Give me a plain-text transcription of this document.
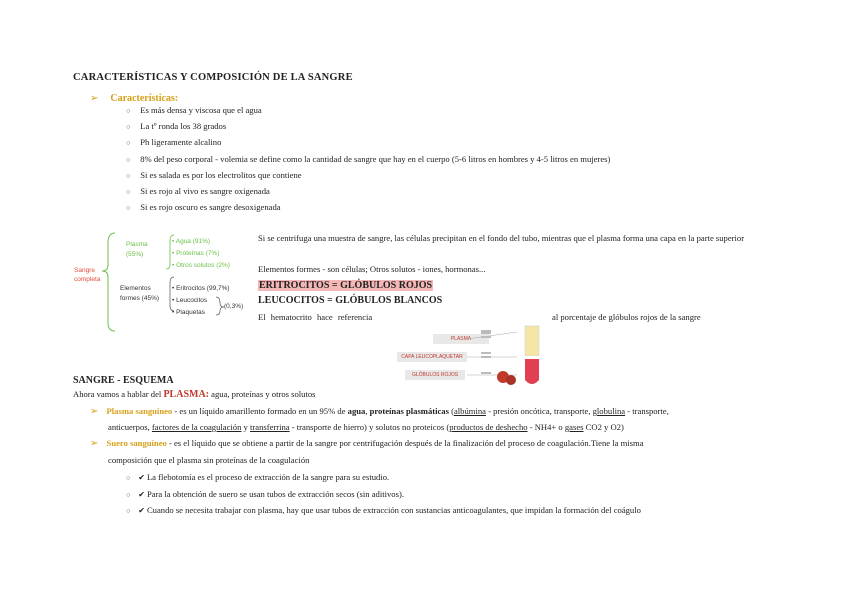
CARACTERÍSTICAS Y COMPOSICIÓN DE LA SANGRE
➢ Características:
○ Es más densa y viscosa que el agua
○ La tº ronda los 38 grados
○ Ph ligeramente alcalino
○ 8% del peso corporal - volemia se define como la cantidad de sangre que hay en el cuerpo (5-6 litros en hombres y 4-5 litros en mujeres)
○ Si es salada es por los electrolitos que contiene
○ Si es rojo al vivo es sangre oxigenada
○ Si es rojo oscuro es sangre desoxigenada
Sangre completa
Plasma (55%)
• Agua (91%)
• Proteínas (7%)
• Otros solutos (2%)
Elementos formes (45%)
• Eritrocitos (99,7%)
• Leucocitos
• Plaquetas
(0,3%)
Si se centrifuga una muestra de sangre, las células precipitan en el fondo del tubo, mientras que el plasma forma una capa en la parte superior
Elementos formes - son células; Otros solutos - iones, hormonas...
ERITROCITOS = GLÓBULOS ROJOS
LEUCOCITOS = GLÓBULOS BLANCOS
El hematocrito hace referencia	al porcentaje de glóbulos rojos de la sangre
PLASMA
CAPA LEUCOPLAQUETAR
GLÓBULOS ROJOS
SANGRE - ESQUEMA
Ahora vamos a hablar del PLASMA: agua, proteínas y otros solutos
➢ Plasma sanguíneo - es un líquido amarillento formado en un 95% de agua, proteínas plasmáticas (albúmina - presión oncótica, transporte, globulina - transporte,
anticuerpos, factores de la coagulación y transferrina - transporte de hierro) y solutos no proteicos (productos de deshecho - NH4+ o gases CO2 y O2)
➢ Suero sanguíneo - es el líquido que se obtiene a partir de la sangre por centrifugación después de la finalización del proceso de coagulación.Tiene la misma
composición que el plasma sin proteínas de la coagulación
○ ✔ La flebotomía es el proceso de extracción de la sangre para su estudio.
○ ✔ Para la obtención de suero se usan tubos de extracción secos (sin aditivos).
○ ✔ Cuando se necesita trabajar con plasma, hay que usar tubos de extracción con sustancias anticoagulantes, que impidan la formación del coágulo
